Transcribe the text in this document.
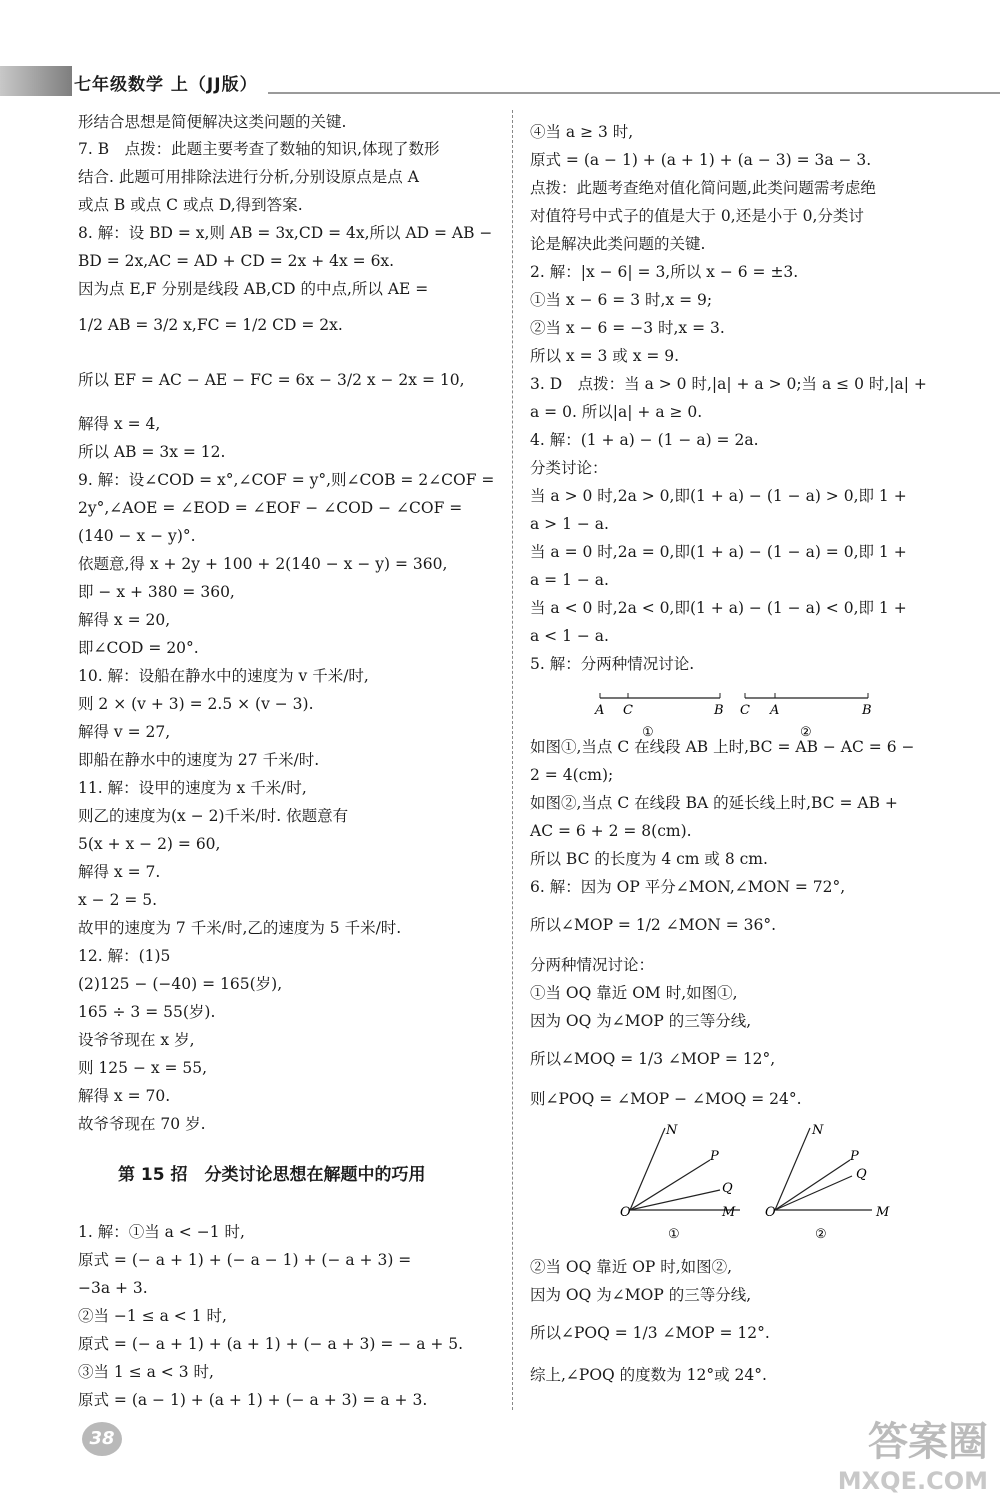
七年级数学 上（JJ版）
形结合思想是简便解决这类问题的关键.
7. B　点拨：此题主要考查了数轴的知识,体现了数形
结合. 此题可用排除法进行分析,分别设原点是点 A
或点 B 或点 C 或点 D,得到答案.
8. 解：设 BD = x,则 AB = 3x,CD = 4x,所以 AD = AB −
BD = 2x,AC = AD + CD = 2x + 4x = 6x.
因为点 E,F 分别是线段 AB,CD 的中点,所以 AE =
1/2 AB = 3/2 x,FC = 1/2 CD = 2x.
所以 EF = AC − AE − FC = 6x − 3/2 x − 2x = 10,
解得 x = 4,
所以 AB = 3x = 12.
9. 解：设∠COD = x°,∠COF = y°,则∠COB = 2∠COF =
2y°,∠AOE = ∠EOD = ∠EOF − ∠COD − ∠COF =
(140 − x − y)°.
依题意,得 x + 2y + 100 + 2(140 − x − y) = 360,
即 − x + 380 = 360,
解得 x = 20,
即∠COD = 20°.
10. 解：设船在静水中的速度为 v 千米/时,
则 2 × (v + 3) = 2.5 × (v − 3).
解得 v = 27,
即船在静水中的速度为 27 千米/时.
11. 解：设甲的速度为 x 千米/时,
则乙的速度为(x − 2)千米/时. 依题意有
5(x + x − 2) = 60,
解得 x = 7.
x − 2 = 5.
故甲的速度为 7 千米/时,乙的速度为 5 千米/时.
12. 解：(1)5
(2)125 − (−40) = 165(岁),
165 ÷ 3 = 55(岁).
设爷爷现在 x 岁,
则 125 − x = 55,
解得 x = 70.
故爷爷现在 70 岁.
1. 解：①当 a < −1 时,
原式 = (− a + 1) + (− a − 1) + (− a + 3) =
−3a + 3.
②当 −1 ≤ a < 1 时,
原式 = (− a + 1) + (a + 1) + (− a + 3) = − a + 5.
③当 1 ≤ a < 3 时,
原式 = (a − 1) + (a + 1) + (− a + 3) = a + 3.
第 15 招　分类讨论思想在解题中的巧用
④当 a ≥ 3 时,
原式 = (a − 1) + (a + 1) + (a − 3) = 3a − 3.
点拨：此题考查绝对值化简问题,此类问题需考虑绝
对值符号中式子的值是大于 0,还是小于 0,分类讨
论是解决此类问题的关键.
2. 解：|x − 6| = 3,所以 x − 6 = ±3.
①当 x − 6 = 3 时,x = 9;
②当 x − 6 = −3 时,x = 3.
所以 x = 3 或 x = 9.
3. D　点拨：当 a > 0 时,|a| + a > 0;当 a ≤ 0 时,|a| +
a = 0. 所以|a| + a ≥ 0.
4. 解：(1 + a) − (1 − a) = 2a.
分类讨论：
当 a > 0 时,2a > 0,即(1 + a) − (1 − a) > 0,即 1 +
a > 1 − a.
当 a = 0 时,2a = 0,即(1 + a) − (1 − a) = 0,即 1 +
a = 1 − a.
当 a < 0 时,2a < 0,即(1 + a) − (1 − a) < 0,即 1 +
a < 1 − a.
5. 解：分两种情况讨论.
A C	B
①
C A	B
②
如图①,当点 C 在线段 AB 上时,BC = AB − AC = 6 −
2 = 4(cm);
如图②,当点 C 在线段 BA 的延长线上时,BC = AB +
AC = 6 + 2 = 8(cm).
所以 BC 的长度为 4 cm 或 8 cm.
6. 解：因为 OP 平分∠MON,∠MON = 72°,
所以∠MOP = 1/2 ∠MON = 36°.
分两种情况讨论：
①当 OQ 靠近 OM 时,如图①,
因为 OQ 为∠MOP 的三等分线,
所以∠MOQ = 1/3 ∠MOP = 12°,
则∠POQ = ∠MOP − ∠MOQ = 24°.
N
P
Q
O	M
①
N
P
Q
O	M
②
②当 OQ 靠近 OP 时,如图②,
因为 OQ 为∠MOP 的三等分线,
所以∠POQ = 1/3 ∠MOP = 12°.
综上,∠POQ 的度数为 12°或 24°.
38	答案圈
MXQE.COM
